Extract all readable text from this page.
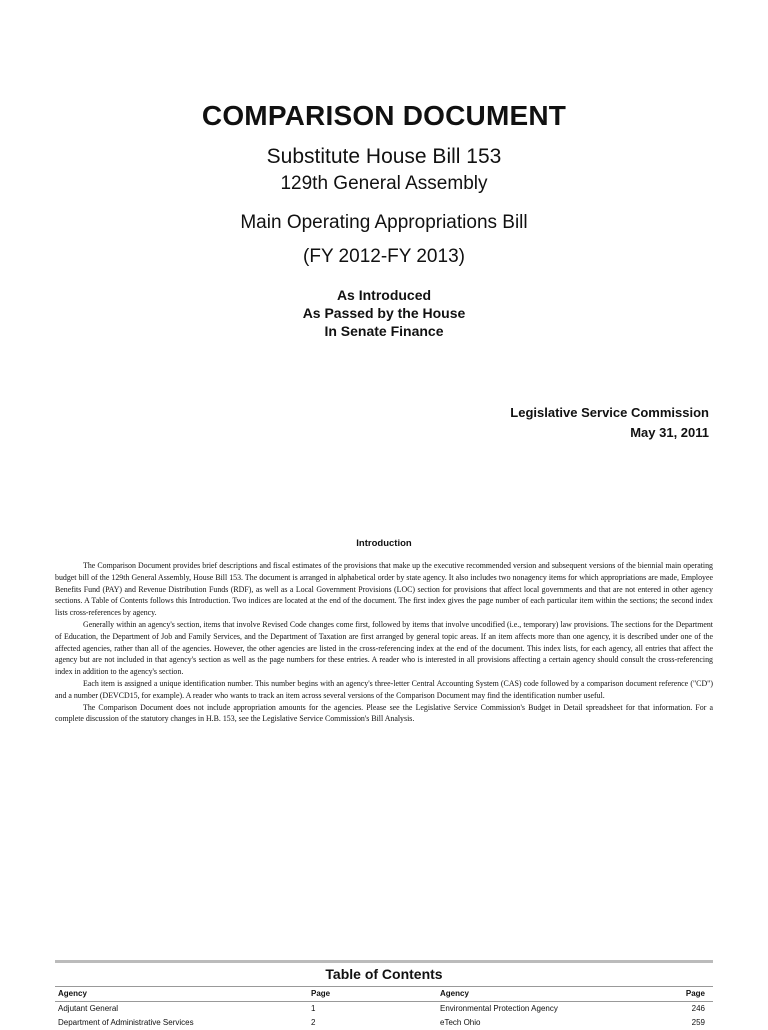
COMPARISON DOCUMENT
Substitute House Bill 153
129th General Assembly
Main Operating Appropriations Bill
(FY 2012-FY 2013)
As Introduced
As Passed by the House
In Senate Finance
Legislative Service Commission
May 31, 2011
Introduction

The Comparison Document provides brief descriptions and fiscal estimates of the provisions that make up the executive recommended version and subsequent versions of the biennial main operating budget bill of the 129th General Assembly, House Bill 153. The document is arranged in alphabetical order by state agency. It also includes two nonagency items for which appropriations are made, Employee Benefits Fund (PAY) and Revenue Distribution Funds (RDF), as well as a Local Government Provisions (LOC) section for provisions that affect local governments and that are not entered in other agency sections. A Table of Contents follows this Introduction. Two indices are located at the end of the document. The first index gives the page number of each particular item within the sections; the second index lists cross-references by agency.

Generally within an agency's section, items that involve Revised Code changes come first, followed by items that involve uncodified (i.e., temporary) law provisions. The sections for the Department of Education, the Department of Job and Family Services, and the Department of Taxation are first arranged by general topic areas. If an item affects more than one agency, it is described under one of the affected agencies, rather than all of the agencies. However, the other agencies are listed in the cross-referencing index at the end of the document. This index lists, for each agency, all entries that affect the agency but are not included in that agency's section as well as the page numbers for these entries. A reader who is interested in all provisions affecting a certain agency should consult the cross-referencing index in addition to the agency's section.

Each item is assigned a unique identification number. This number begins with an agency's three-letter Central Accounting System (CAS) code followed by a comparison document reference ("CD") and a number (DEVCD15, for example). A reader who wants to track an item across several versions of the Comparison Document may find the identification number useful.

The Comparison Document does not include appropriation amounts for the agencies. Please see the Legislative Service Commission's Budget in Detail spreadsheet for that information. For a complete discussion of the statutory changes in H.B. 153, see the Legislative Service Commission's Bill Analysis.

Table of Contents
Agency	Page	Agency	Page
Adjutant General	1	Environmental Protection Agency	246
Department of Administrative Services	2	eTech Ohio	259
